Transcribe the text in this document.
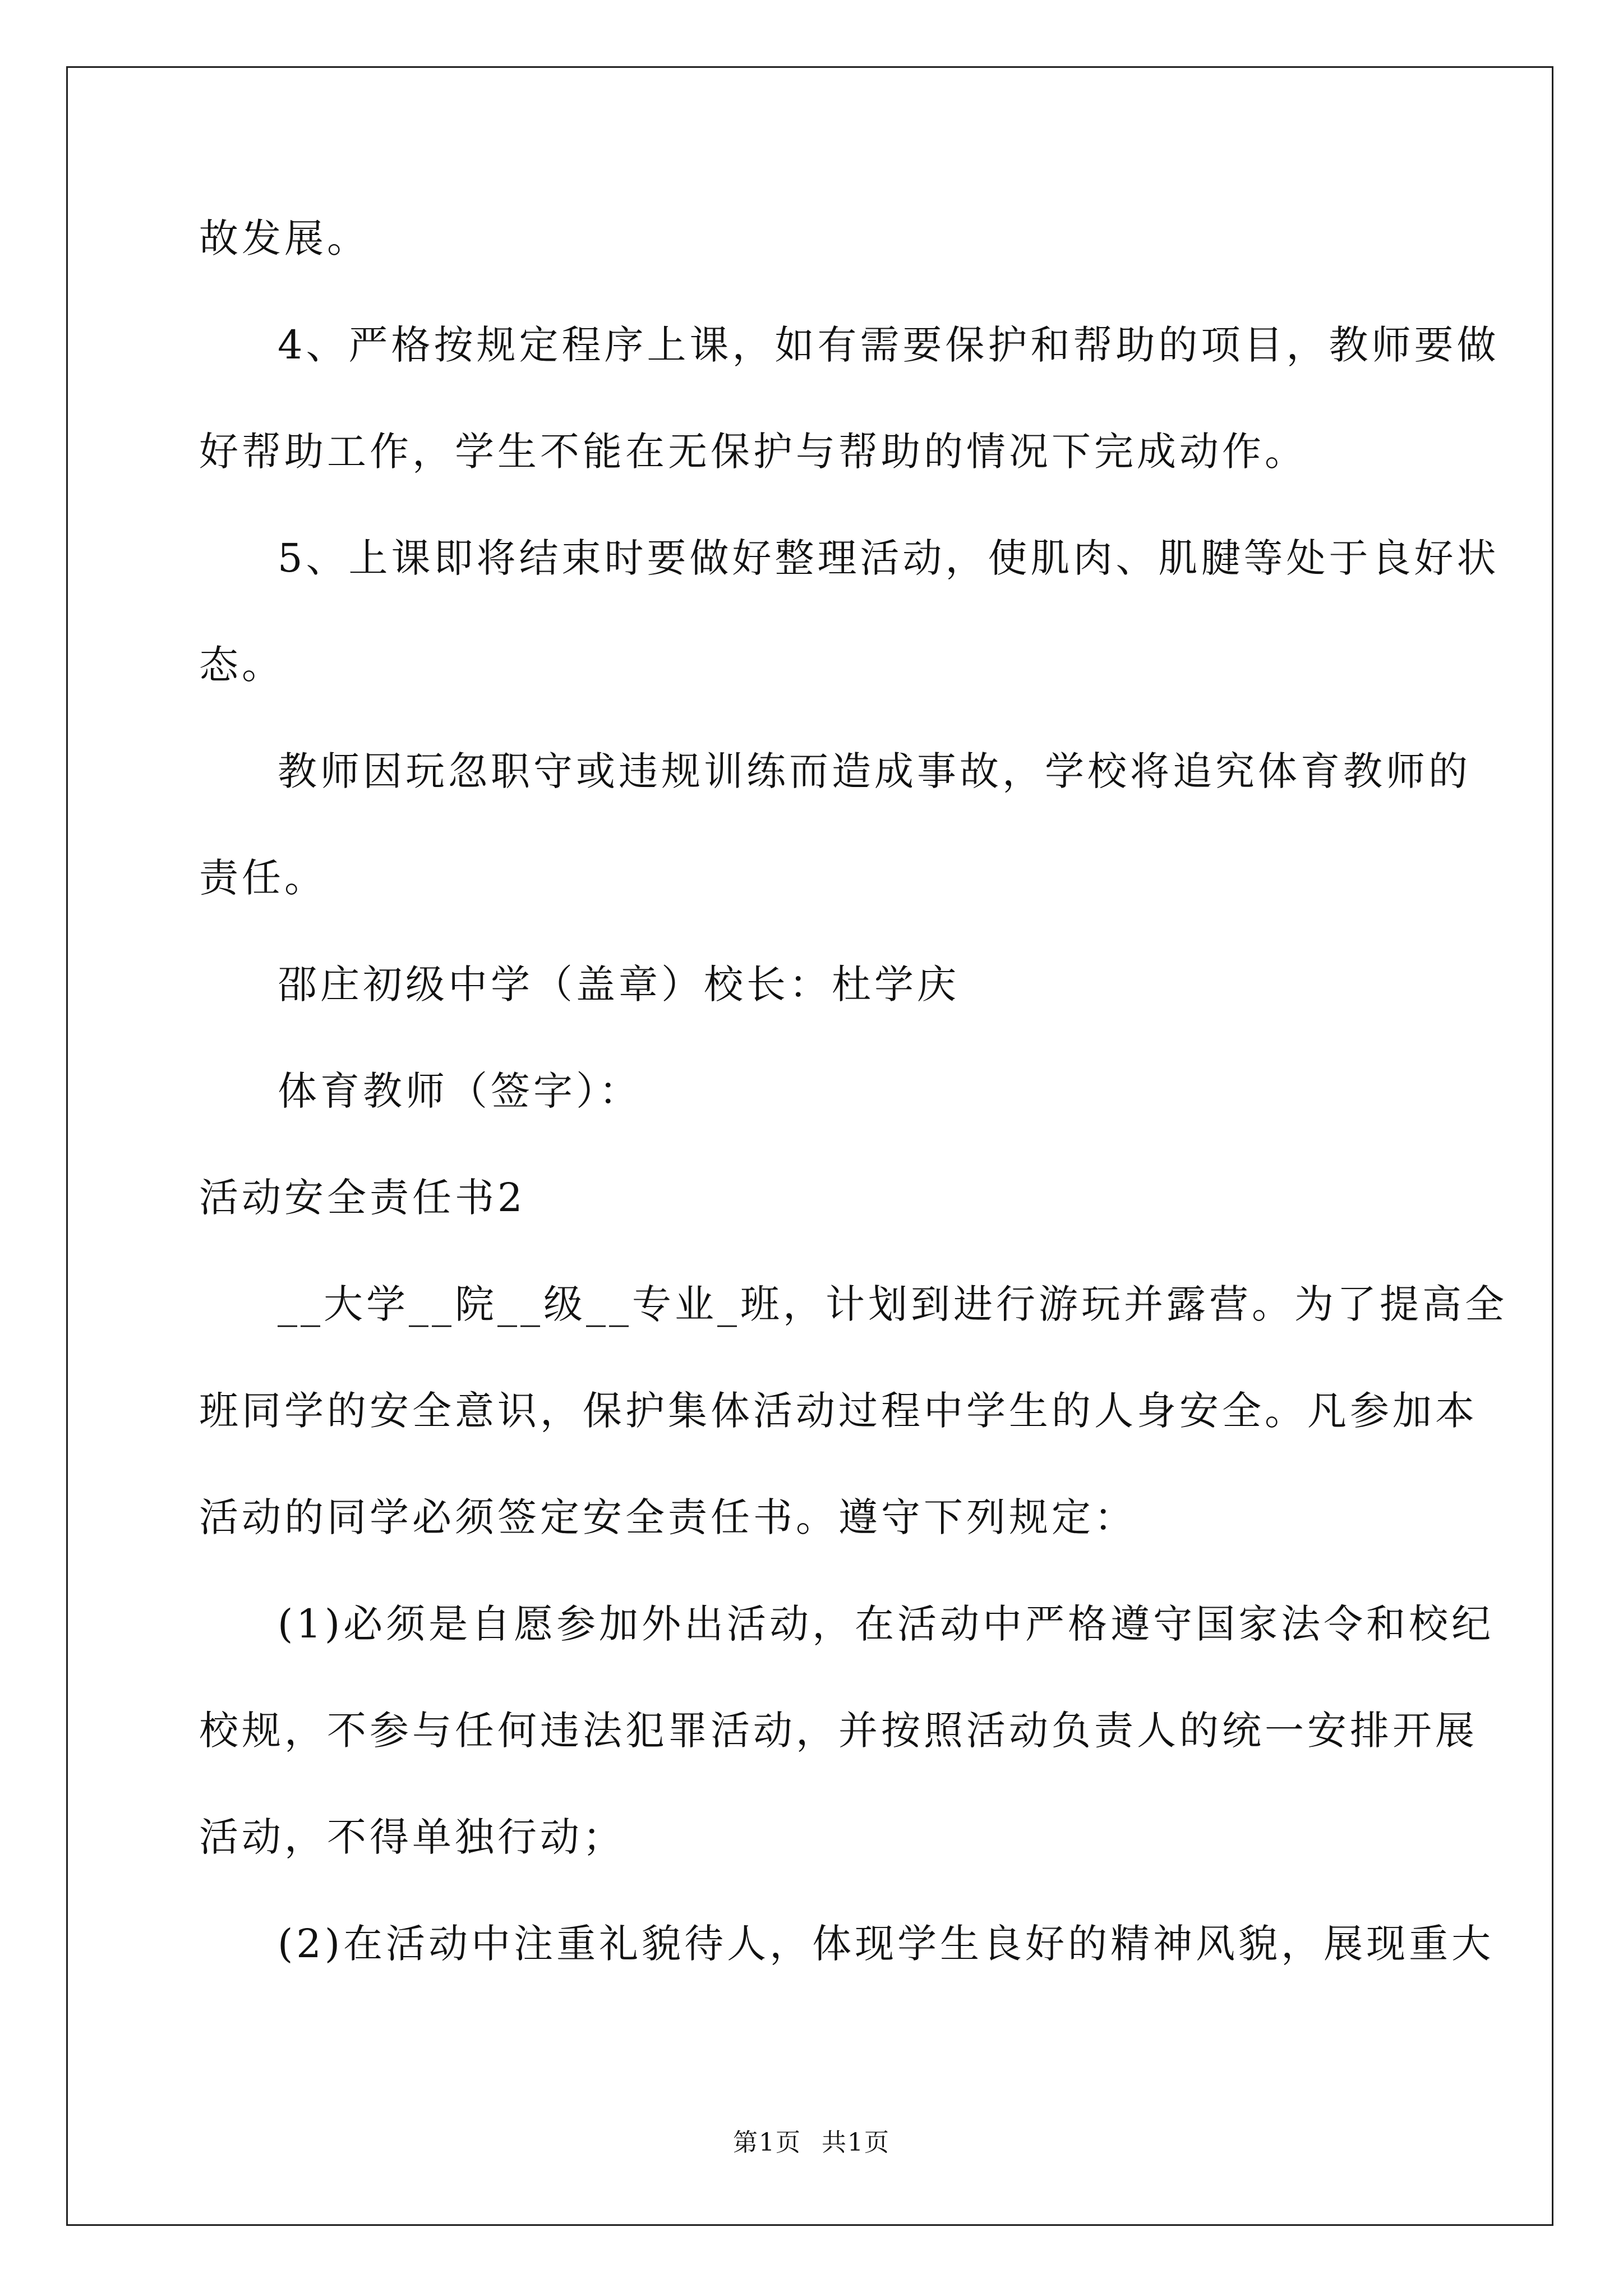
故发展。
4、严格按规定程序上课，如有需要保护和帮助的项目，教师要做
好帮助工作，学生不能在无保护与帮助的情况下完成动作。
5、上课即将结束时要做好整理活动，使肌肉、肌腱等处于良好状
态。
教师因玩忽职守或违规训练而造成事故，学校将追究体育教师的
责任。
邵庄初级中学（盖章）校长：杜学庆
体育教师（签字）：
活动安全责任书2
__大学__院__级__专业_班，计划到进行游玩并露营。为了提高全
班同学的安全意识，保护集体活动过程中学生的人身安全。凡参加本
活动的同学必须签定安全责任书。遵守下列规定：
(1)必须是自愿参加外出活动，在活动中严格遵守国家法令和校纪
校规，不参与任何违法犯罪活动，并按照活动负责人的统一安排开展
活动，不得单独行动；
(2)在活动中注重礼貌待人，体现学生良好的精神风貌，展现重大
第1页 共1页
